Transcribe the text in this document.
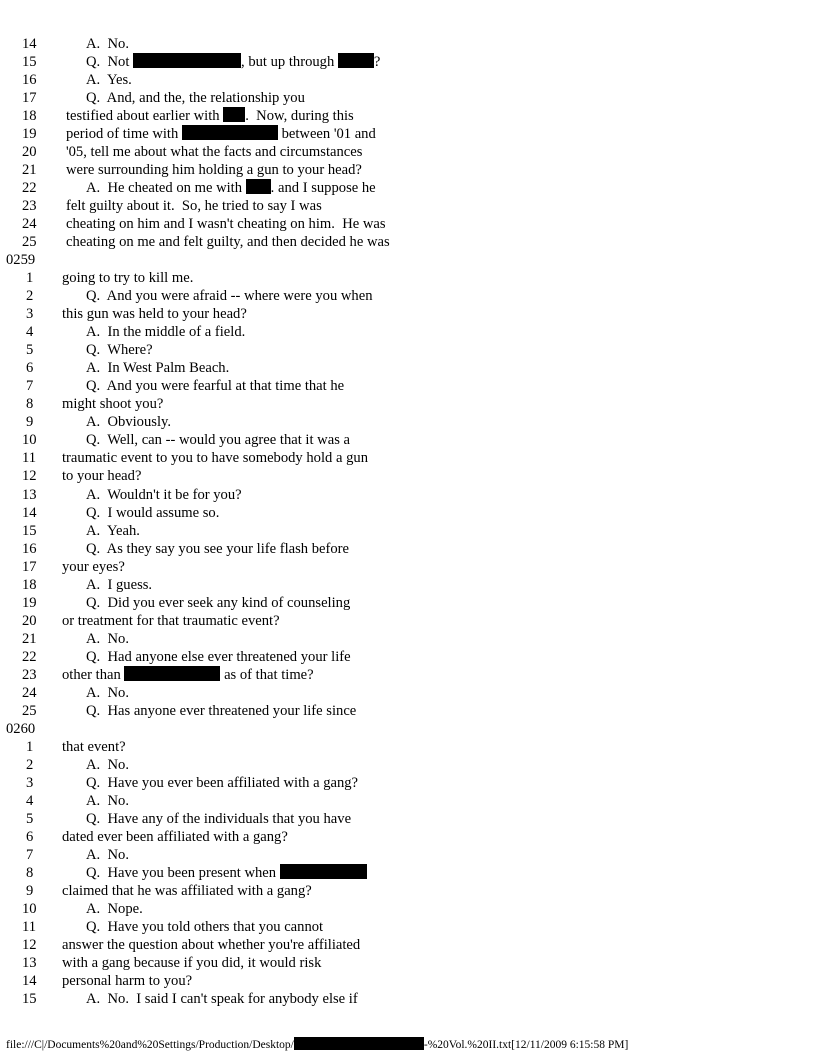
14	A.  No.
15	Q.  Not	, but up through ?
16	A.  Yes.
17	Q.  And, and the, the relationship you
18 testified about earlier with .  Now, during this
19 period of time with	between '01 and
20 '05, tell me about what the facts and circumstances
21 were surrounding him holding a gun to your head?
22	A.  He cheated on me with . and I suppose he
23 felt guilty about it.  So, he tried to say I was
24 cheating on him and I wasn't cheating on him.  He was
25 cheating on me and felt guilty, and then decided he was
0259
1 going to try to kill me.
2	Q.  And you were afraid -- where were you when
3 this gun was held to your head?
4	A.  In the middle of a field.
5	Q.  Where?
6	A.  In West Palm Beach.
7	Q.  And you were fearful at that time that he
8 might shoot you?
9	A.  Obviously.
10	Q.  Well, can -- would you agree that it was a
11 traumatic event to you to have somebody hold a gun
12 to your head?
13	A.  Wouldn't it be for you?
14	Q.  I would assume so.
15	A.  Yeah.
16	Q.  As they say you see your life flash before
17 your eyes?
18	A.  I guess.
19	Q.  Did you ever seek any kind of counseling
20 or treatment for that traumatic event?
21	A.  No.
22	Q.  Had anyone else ever threatened your life
23 other than	as of that time?
24	A.  No.
25	Q.  Has anyone ever threatened your life since
0260
1 that event?
2	A.  No.
3	Q.  Have you ever been affiliated with a gang?
4	A.  No.
5	Q.  Have any of the individuals that you have
6 dated ever been affiliated with a gang?
7	A.  No.
8	Q.  Have you been present when
9 claimed that he was affiliated with a gang?
10	A.  Nope.
11	Q.  Have you told others that you cannot
12 answer the question about whether you're affiliated
13 with a gang because if you did, it would risk
14 personal harm to you?
15	A.  No.  I said I can't speak for anybody else if
file:///C|/Documents%20and%20Settings/Production/Desktop/	-%20Vol.%20II.txt[12/11/2009 6:15:58 PM]
